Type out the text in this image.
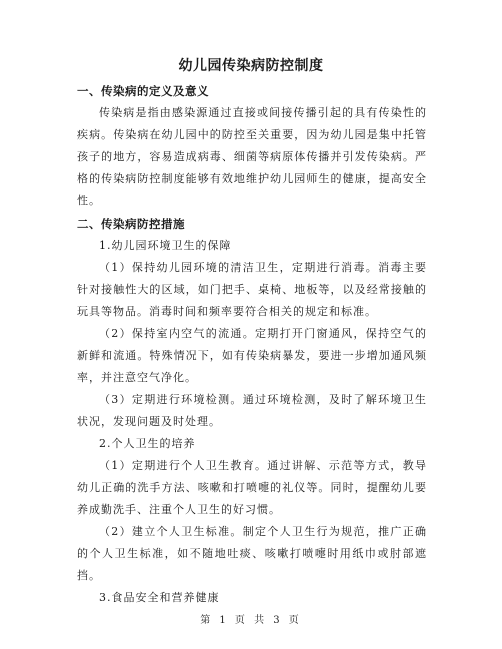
幼儿园传染病防控制度
一、传染病的定义及意义

传染病是指由感染源通过直接或间接传播引起的具有传染性的疾病。传染病在幼儿园中的防控至关重要，因为幼儿园是集中托管孩子的地方，容易造成病毒、细菌等病原体传播并引发传染病。严格的传染病防控制度能够有效地维护幼儿园师生的健康，提高安全性。

二、传染病防控措施

1.幼儿园环境卫生的保障

（1）保持幼儿园环境的清洁卫生，定期进行消毒。消毒主要针对接触性大的区域，如门把手、桌椅、地板等，以及经常接触的玩具等物品。消毒时间和频率要符合相关的规定和标准。

（2）保持室内空气的流通。定期打开门窗通风，保持空气的新鲜和流通。特殊情况下，如有传染病暴发，要进一步增加通风频率，并注意空气净化。

（3）定期进行环境检测。通过环境检测，及时了解环境卫生状况，发现问题及时处理。

2.个人卫生的培养

（1）定期进行个人卫生教育。通过讲解、示范等方式，教导幼儿正确的洗手方法、咳嗽和打喷嚏的礼仪等。同时，提醒幼儿要养成勤洗手、注重个人卫生的好习惯。

（2）建立个人卫生标准。制定个人卫生行为规范，推广正确的个人卫生标准，如不随地吐痰、咳嗽打喷嚏时用纸巾或肘部遮挡。

3.食品安全和营养健康

第 1 页 共 3 页
